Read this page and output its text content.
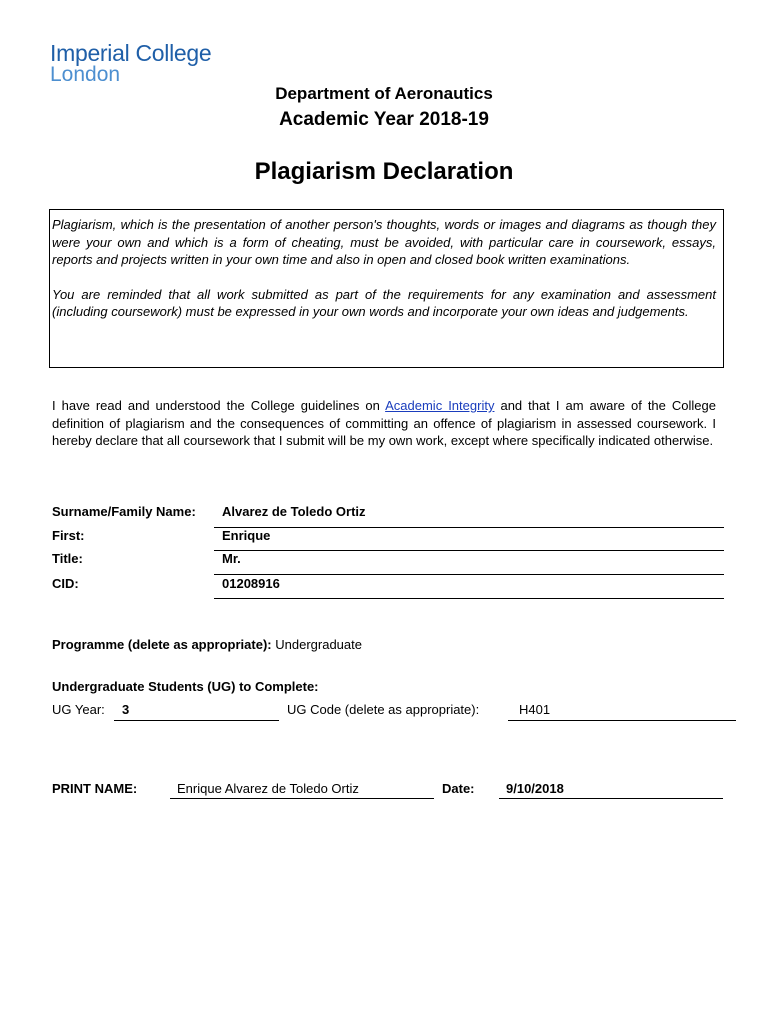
Imperial College
London
Department of Aeronautics
Academic Year 2018-19
Plagiarism Declaration

Plagiarism, which is the presentation of another person's thoughts, words or images and diagrams as though they were your own and which is a form of cheating, must be avoided, with particular care in coursework, essays, reports and projects written in your own time and also in open and closed book written examinations.

You are reminded that all work submitted as part of the requirements for any examination and assessment (including coursework) must be expressed in your own words and incorporate your own ideas and judgements.

I have read and understood the College guidelines on Academic Integrity and that I am aware of the College definition of plagiarism and the consequences of committing an offence of plagiarism in assessed coursework. I hereby declare that all coursework that I submit will be my own work, except where specifically indicated otherwise.
Surname/Family Name: Alvarez de Toledo Ortiz
First:	Enrique
Title:	Mr.
CID:	01208916
Programme (delete as appropriate): Undergraduate
Undergraduate Students (UG) to Complete:
UG Year: 3	UG Code (delete as appropriate):	H401
PRINT NAME:	Enrique Alvarez de Toledo Ortiz	Date: 9/10/2018
